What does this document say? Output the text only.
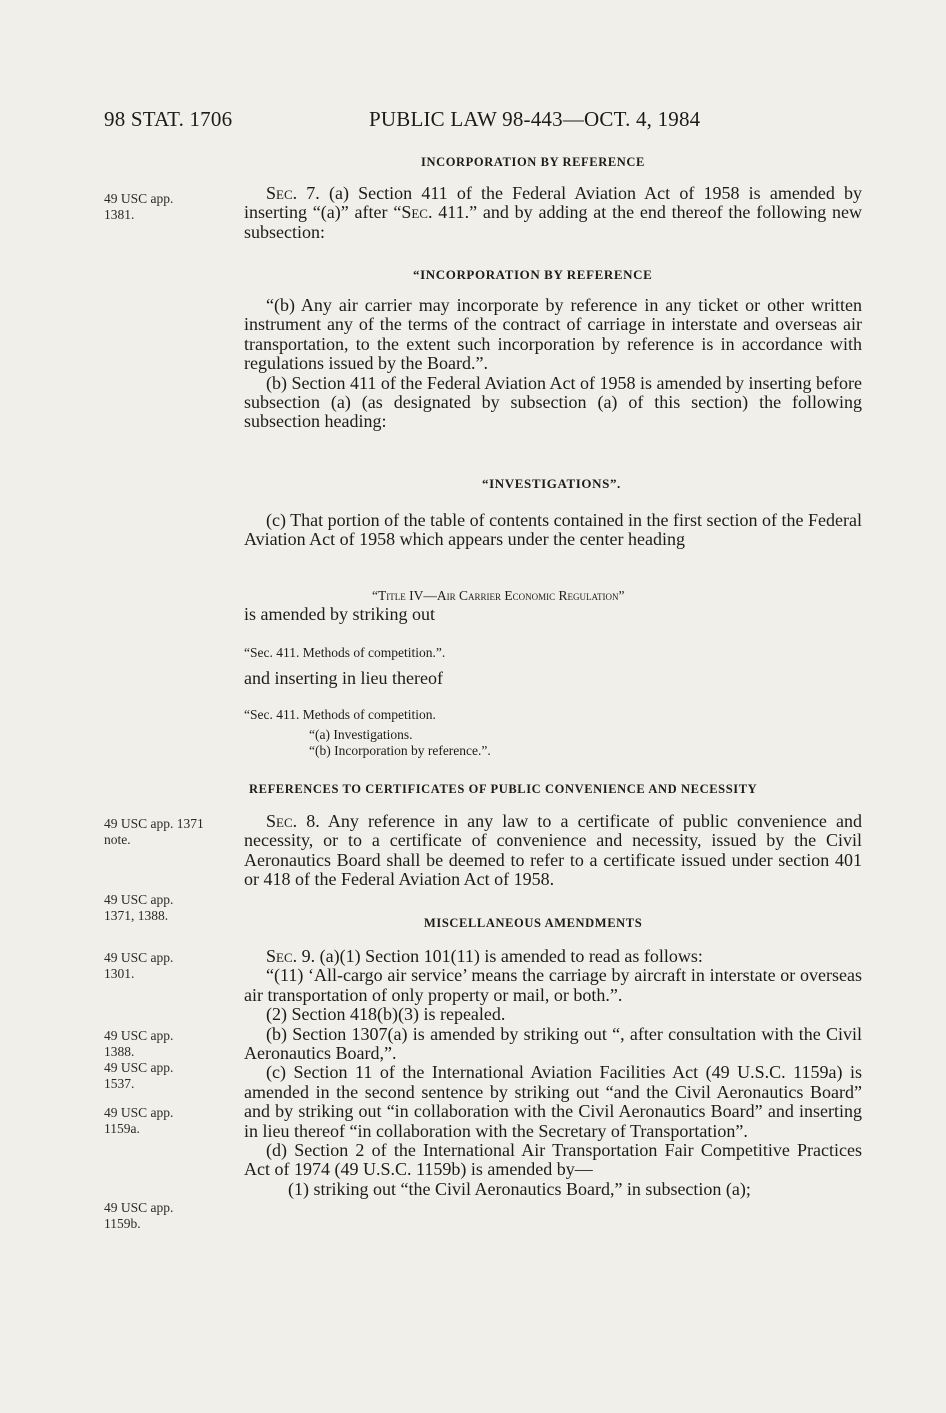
98 STAT. 1706	PUBLIC LAW 98-443—OCT. 4, 1984
49 USC app.
1381.
49 USC app. 1371
note.
49 USC app.
1371, 1388.
49 USC app.
1301.
49 USC app.
1388.
49 USC app.
1537.
49 USC app.
1159a.
49 USC app.
1159b.
INCORPORATION BY REFERENCE

Sec. 7. (a) Section 411 of the Federal Aviation Act of 1958 is amended by inserting “(a)” after “Sec. 411.” and by adding at the end thereof the following new subsection:

“INCORPORATION BY REFERENCE

“(b) Any air carrier may incorporate by reference in any ticket or other written instrument any of the terms of the contract of carriage in interstate and overseas air transportation, to the extent such incorporation by reference is in accordance with regulations issued by the Board.”.

(b) Section 411 of the Federal Aviation Act of 1958 is amended by inserting before subsection (a) (as designated by subsection (a) of this section) the following subsection heading:

“INVESTIGATIONS”.

(c) That portion of the table of contents contained in the first section of the Federal Aviation Act of 1958 which appears under the center heading

“Title IV—Air Carrier Economic Regulation”
is amended by striking out
“Sec. 411. Methods of competition.”.
and inserting in lieu thereof
“Sec. 411. Methods of competition.
“(a) Investigations.
“(b) Incorporation by reference.”.
REFERENCES TO CERTIFICATES OF PUBLIC CONVENIENCE AND NECESSITY

Sec. 8. Any reference in any law to a certificate of public convenience and necessity, or to a certificate of convenience and necessity, issued by the Civil Aeronautics Board shall be deemed to refer to a certificate issued under section 401 or 418 of the Federal Aviation Act of 1958.

MISCELLANEOUS AMENDMENTS

Sec. 9. (a)(1) Section 101(11) is amended to read as follows:

“(11) ‘All-cargo air service’ means the carriage by aircraft in interstate or overseas air transportation of only property or mail, or both.”.

(2) Section 418(b)(3) is repealed.

(b) Section 1307(a) is amended by striking out “, after consultation with the Civil Aeronautics Board,”.

(c) Section 11 of the International Aviation Facilities Act (49 U.S.C. 1159a) is amended in the second sentence by striking out “and the Civil Aeronautics Board” and by striking out “in collaboration with the Civil Aeronautics Board” and inserting in lieu thereof “in collaboration with the Secretary of Transportation”.

(d) Section 2 of the International Air Transportation Fair Competitive Practices Act of 1974 (49 U.S.C. 1159b) is amended by—

(1) striking out “the Civil Aeronautics Board,” in subsection (a);
